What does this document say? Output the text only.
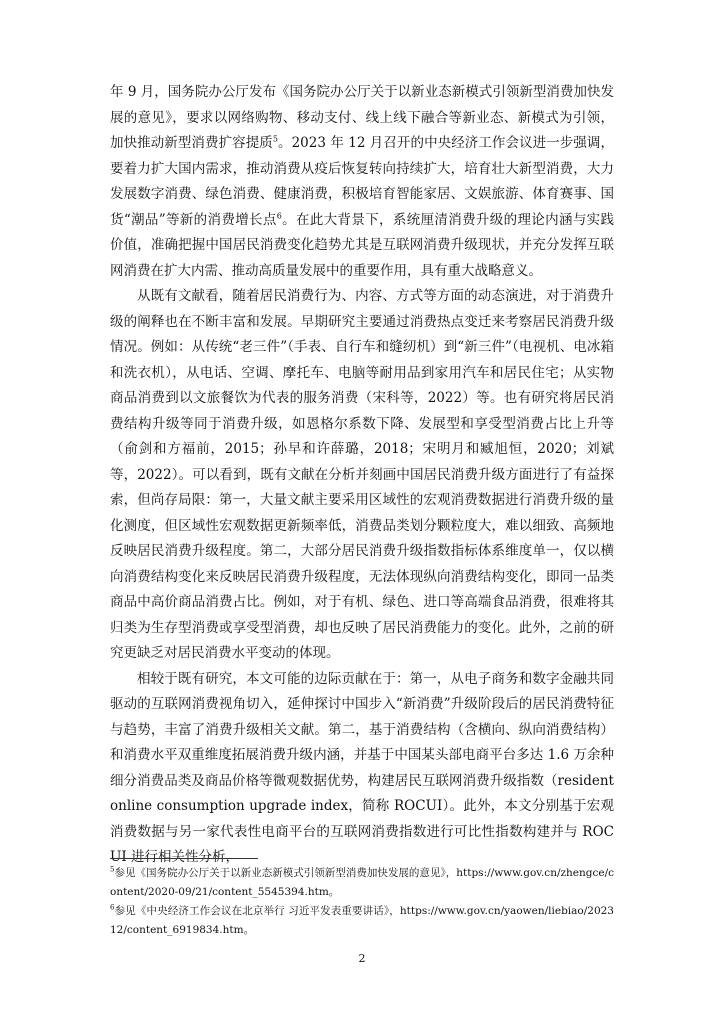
年 9 月，国务院办公厅发布《国务院办公厅关于以新业态新模式引领新型消费加快发展的意见》，要求以网络购物、移动支付、线上线下融合等新业态、新模式为引领，加快推动新型消费扩容提质$^5$。2023 年 12 月召开的中央经济工作会议进一步强调，要着力扩大国内需求，推动消费从疫后恢复转向持续扩大，培育壮大新型消费，大力发展数字消费、绿色消费、健康消费，积极培育智能家居、文娱旅游、体育赛事、国货“潮品”等新的消费增长点$^6$。在此大背景下，系统厘清消费升级的理论内涵与实践价值，准确把握中国居民消费变化趋势尤其是互联网消费升级现状，并充分发挥互联网消费在扩大内需、推动高质量发展中的重要作用，具有重大战略意义。

从既有文献看，随着居民消费行为、内容、方式等方面的动态演进，对于消费升级的阐释也在不断丰富和发展。早期研究主要通过消费热点变迁来考察居民消费升级情况。例如：从传统“老三件”（手表、自行车和缝纫机）到“新三件”（电视机、电冰箱和洗衣机），从电话、空调、摩托车、电脑等耐用品到家用汽车和居民住宅；从实物商品消费到以文旅餐饮为代表的服务消费（宋科等，2022）等。也有研究将居民消费结构升级等同于消费升级，如恩格尔系数下降、发展型和享受型消费占比上升等（俞剑和方福前，2015；孙早和许薛璐，2018；宋明月和臧旭恒，2020；刘斌等，2022）。可以看到，既有文献在分析并刻画中国居民消费升级方面进行了有益探索，但尚存局限：第一，大量文献主要采用区域性的宏观消费数据进行消费升级的量化测度，但区域性宏观数据更新频率低，消费品类划分颗粒度大，难以细致、高频地反映居民消费升级程度。第二，大部分居民消费升级指数指标体系维度单一，仅以横向消费结构变化来反映居民消费升级程度，无法体现纵向消费结构变化，即同一品类商品中高价商品消费占比。例如，对于有机、绿色、进口等高端食品消费，很难将其归类为生存型消费或享受型消费，却也反映了居民消费能力的变化。此外，之前的研究更缺乏对居民消费水平变动的体现。

相较于既有研究，本文可能的边际贡献在于：第一，从电子商务和数字金融共同驱动的互联网消费视角切入，延伸探讨中国步入“新消费”升级阶段后的居民消费特征与趋势，丰富了消费升级相关文献。第二，基于消费结构（含横向、纵向消费结构）和消费水平双重维度拓展消费升级内涵，并基于中国某头部电商平台多达 1.6 万余种细分消费品类及商品价格等微观数据优势，构建居民互联网消费升级指数（resident online consumption upgrade index，简称 ROCUI）。此外，本文分别基于宏观消费数据与另一家代表性电商平台的互联网消费指数进行可比性指数构建并与 ROCUI 进行相关性分析，

$^5$参见《国务院办公厅关于以新业态新模式引领新型消费加快发展的意见》，https://www.gov.cn/zhengce/content/2020-09/21/content_5545394.htm。

$^6$参见《中央经济工作会议在北京举行 习近平发表重要讲话》，https://www.gov.cn/yaowen/liebiao/202312/content_6919834.htm。

2
